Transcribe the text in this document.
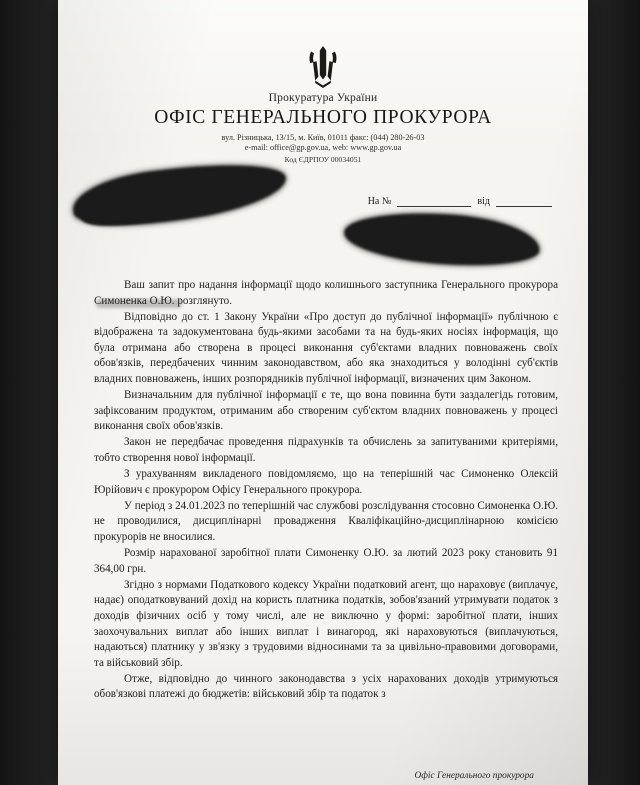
Прокуратура України
ОФІС ГЕНЕРАЛЬНОГО ПРОКУРОРА
вул. Різницька, 13/15, м. Київ, 01011 факс: (044) 280-26-03
e-mail: office@gp.gov.ua, web: www.gp.gov.ua
Код ЄДРПОУ 00034051
На №	від

Ваш запит про надання інформації щодо колишнього заступника Генерального прокурора Симоненка О.Ю. розглянуто.

Відповідно до ст. 1 Закону України «Про доступ до публічної інформації» публічною є відображена та задокументована будь-якими засобами та на будь-яких носіях інформація, що була отримана або створена в процесі виконання суб'єктами владних повноважень своїх обов'язків, передбачених чинним законодавством, або яка знаходиться у володінні суб'єктів владних повноважень, інших розпорядників публічної інформації, визначених цим Законом.

Визначальним для публічної інформації є те, що вона повинна бути заздалегідь готовим, зафіксованим продуктом, отриманим або створеним суб'єктом владних повноважень у процесі виконання своїх обов'язків.

Закон не передбачає проведення підрахунків та обчислень за запитуваними критеріями, тобто створення нової інформації.

З урахуванням викладеного повідомляємо, що на теперішній час Симоненко Олексій Юрійович є прокурором Офісу Генерального прокурора.

У період з 24.01.2023 по теперішній час службові розслідування стосовно Симоненка О.Ю. не проводилися, дисциплінарні провадження Кваліфікаційно-дисциплінарною комісією прокурорів не вносилися.

Розмір нарахованої заробітної плати Симоненку О.Ю. за лютий 2023 року становить 91 364,00 грн.

Згідно з нормами Податкового кодексу України податковий агент, що нараховує (виплачує, надає) оподатковуваний дохід на користь платника податків, зобов'язаний утримувати податок з доходів фізичних осіб у тому числі, але не виключно у формі: заробітної плати, інших заохочувальних виплат або інших виплат і винагород, які нараховуються (виплачуються, надаються) платнику у зв'язку з трудовими відносинами та за цивільно-правовими договорами, та військовий збір.

Отже, відповідно до чинного законодавства з усіх нарахованих доходів утримуються обов'язкові платежі до бюджетів: військовий збір та податок з

Офіс Генерального прокурора
